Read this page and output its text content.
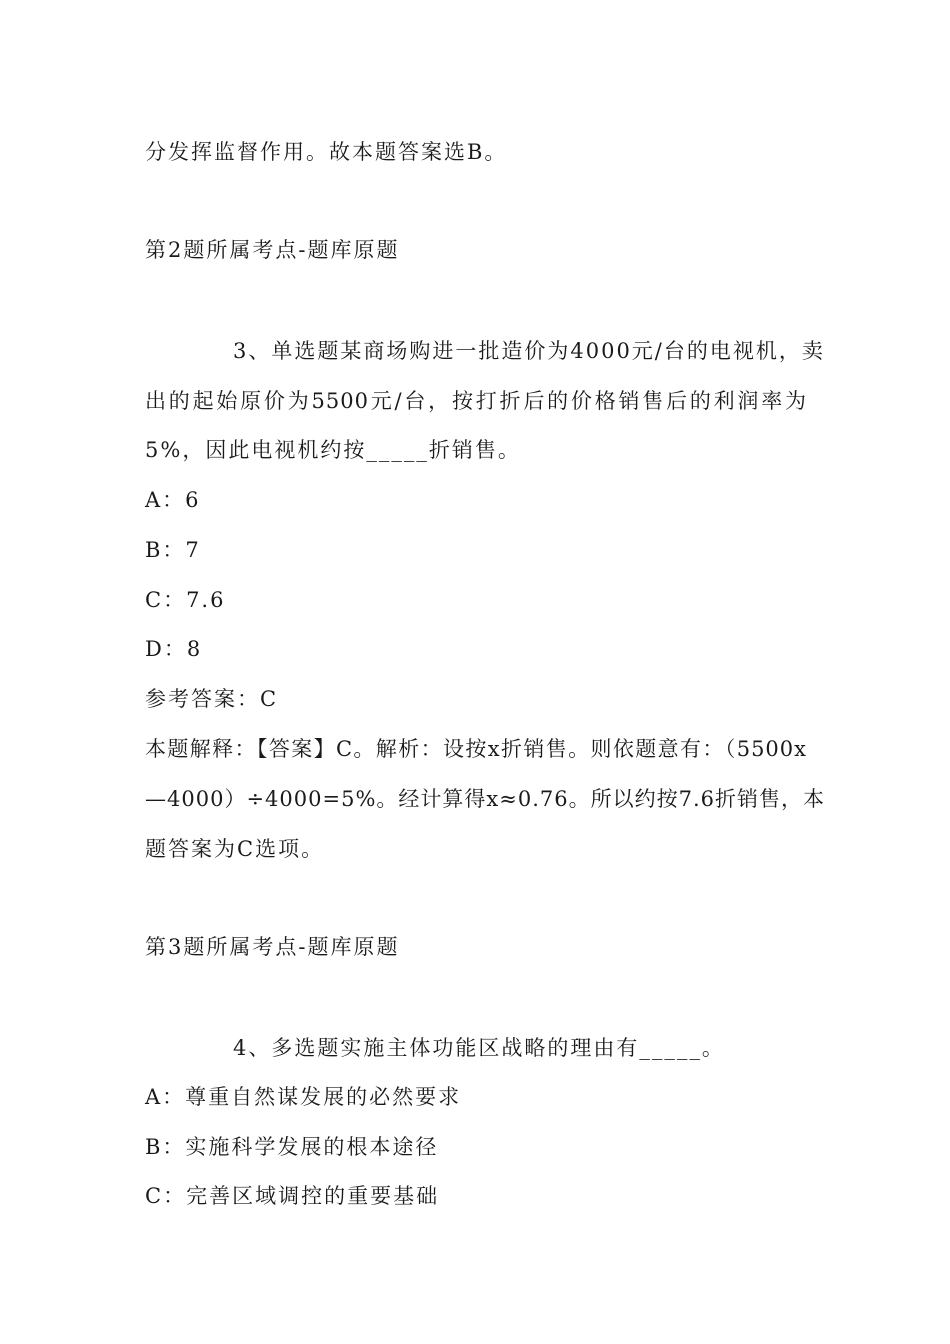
分发挥监督作用。故本题答案选B。
第2题所属考点-题库原题
3、单选题某商场购进一批造价为4000元/台的电视机，卖
出的起始原价为5500元/台，按打折后的价格销售后的利润率为
5%，因此电视机约按_____折销售。
A：6
B：7
C：7.6
D：8
参考答案：C
本题解释：【答案】C。解析：设按x折销售。则依题意有：（5500x
—4000）÷4000=5%。经计算得x≈0.76。所以约按7.6折销售，本
题答案为C选项。
第3题所属考点-题库原题
4、多选题实施主体功能区战略的理由有_____。
A：尊重自然谋发展的必然要求
B：实施科学发展的根本途径
C：完善区域调控的重要基础
